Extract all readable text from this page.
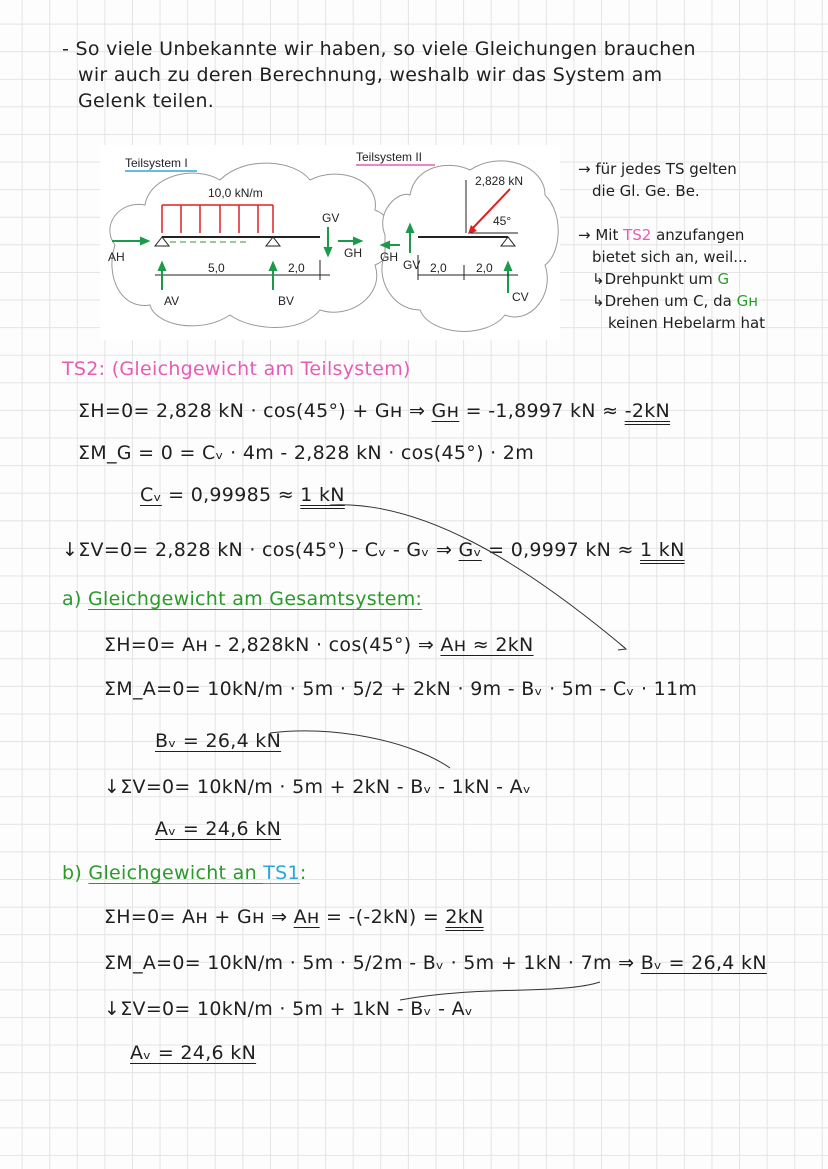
- So viele Unbekannte wir haben, so viele Gleichungen brauchen
wir auch zu deren Berechnung, weshalb wir das System am
Gelenk teilen.
Teilsystem I	Teilsystem II
10,0 kN/m
5,0	2,0
AH
AV	BV
GV
GH GH
GV
CV
2,0 2,0
2,828 kN
45°
→ für jedes TS gelten
die Gl. Ge. Be.
→ Mit TS2 anzufangen
bietet sich an, weil...
↳Drehpunkt um G
↳Drehen um C, da Gʜ
keinen Hebelarm hat
TS2: (Gleichgewicht am Teilsystem)
ΣH=0= 2,828 kN · cos(45°) + Gʜ ⇒ Gʜ = -1,8997 kN ≈ -2kN
ΣM_G = 0 = Cᵥ · 4m - 2,828 kN · cos(45°) · 2m
Cᵥ = 0,99985 ≈ 1 kN
↓ΣV=0= 2,828 kN · cos(45°) - Cᵥ - Gᵥ ⇒ Gᵥ = 0,9997 kN ≈ 1 kN
a) Gleichgewicht am Gesamtsystem:
ΣH=0= Aʜ - 2,828kN · cos(45°) ⇒ Aʜ ≈ 2kN
ΣM_A=0= 10kN/m · 5m · 5/2 + 2kN · 9m - Bᵥ · 5m - Cᵥ · 11m
Bᵥ = 26,4 kN
↓ΣV=0= 10kN/m · 5m + 2kN - Bᵥ - 1kN - Aᵥ
Aᵥ = 24,6 kN
b) Gleichgewicht an TS1:
ΣH=0= Aʜ + Gʜ ⇒ Aʜ = -(-2kN) = 2kN
ΣM_A=0= 10kN/m · 5m · 5/2m - Bᵥ · 5m + 1kN · 7m ⇒ Bᵥ = 26,4 kN
↓ΣV=0= 10kN/m · 5m + 1kN - Bᵥ - Aᵥ
Aᵥ = 24,6 kN
